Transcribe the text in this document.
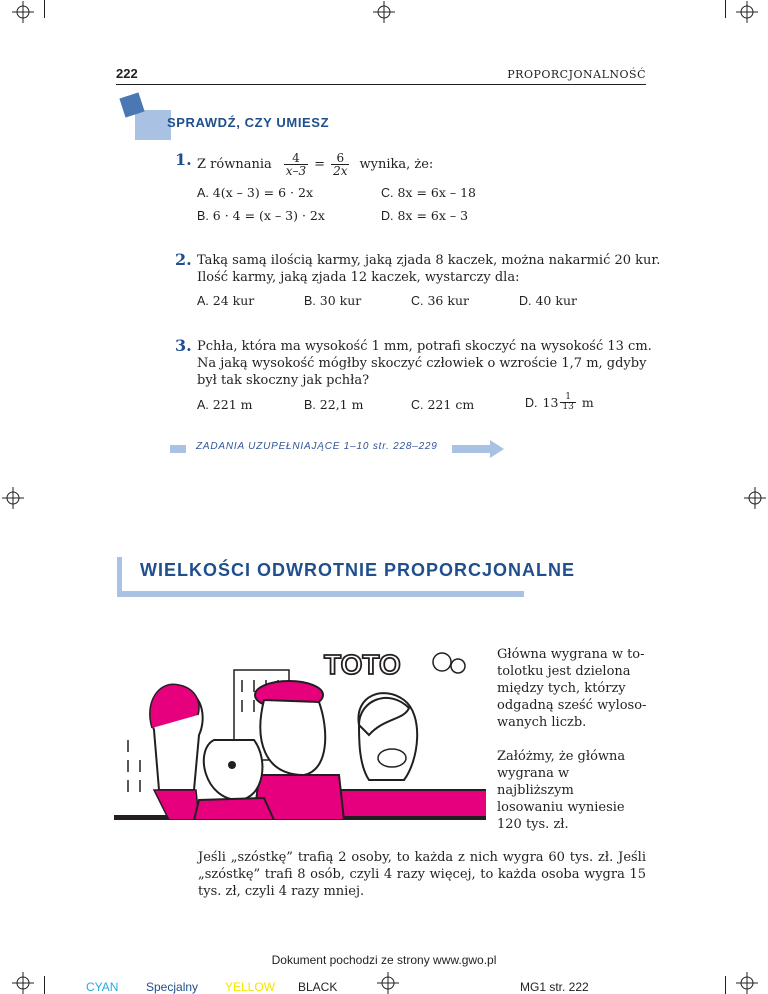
222	PROPORCJONALNOŚĆ
SPRAWDŹ, CZY UMIESZ
1. Z równania $\frac{4}{x-3} = \frac{6}{2x}$ wynika, że:
A. 4(x – 3) = 6 · 2x	C. 8x = 6x – 18
B. 6 · 4 = (x – 3) · 2x	D. 8x = 6x – 3
2. Taką samą ilością karmy, jaką zjada 8 kaczek, można nakarmić 20 kur.
Ilość karmy, jaką zjada 12 kaczek, wystarczy dla:
A. 24 kur	B. 30 kur	C. 36 kur	D. 40 kur
3. Pchła, która ma wysokość 1 mm, potrafi skoczyć na wysokość 13 cm.
Na jaką wysokość mógłby skoczyć człowiek o wzroście 1,7 m, gdyby
był tak skoczny jak pchła?
A. 221 m	B. 22,1 m	C. 221 cm	D. $13 \frac{1}{13}$ m
ZADANIA UZUPEŁNIAJĄCE 1–10 str. 228–229
WIELKOŚCI ODWROTNIE PROPORCJONALNE
TOTO	Główna wygrana w to-
tolotku jest dzielona
między tych, którzy
odgadną sześć wyloso-
wanych liczb.
Załóżmy, że główna
wygrana w najbliższym
losowaniu wyniesie
120 tys. zł.
Jeśli „szóstkę” trafią 2 osoby, to każda z nich wygra 60 tys. zł. Jeśli „szóstkę” trafi 8 osób, czyli 4 razy więcej, to każda osoba wygra 15 tys. zł, czyli 4 razy mniej.
Dokument pochodzi ze strony www.gwo.pl
CYAN Specjalny YELLOW BLACK	MG1 str. 222
